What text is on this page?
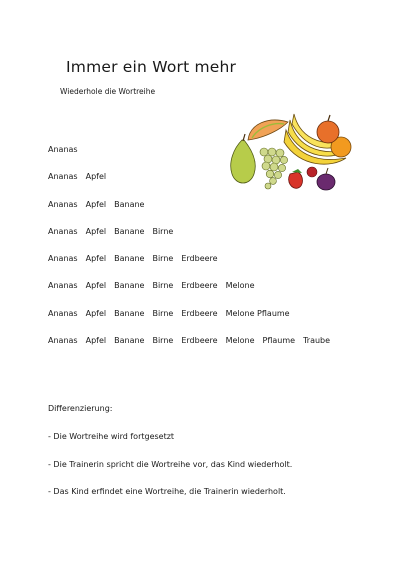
Immer ein Wort mehr
Wiederhole die Wortreihe
Ananas
Ananas Apfel
Ananas Apfel Banane
Ananas Apfel Banane Birne
Ananas Apfel Banane Birne Erdbeere
Ananas Apfel Banane Birne Erdbeere Melone
Ananas Apfel Banane Birne Erdbeere Melone Pflaume
Ananas Apfel Banane Birne Erdbeere Melone Pflaume Traube
Differenzierung:
- Die Wortreihe wird fortgesetzt
- Die Trainerin spricht die Wortreihe vor, das Kind wiederholt.
- Das Kind erfindet eine Wortreihe, die Trainerin wiederholt.
